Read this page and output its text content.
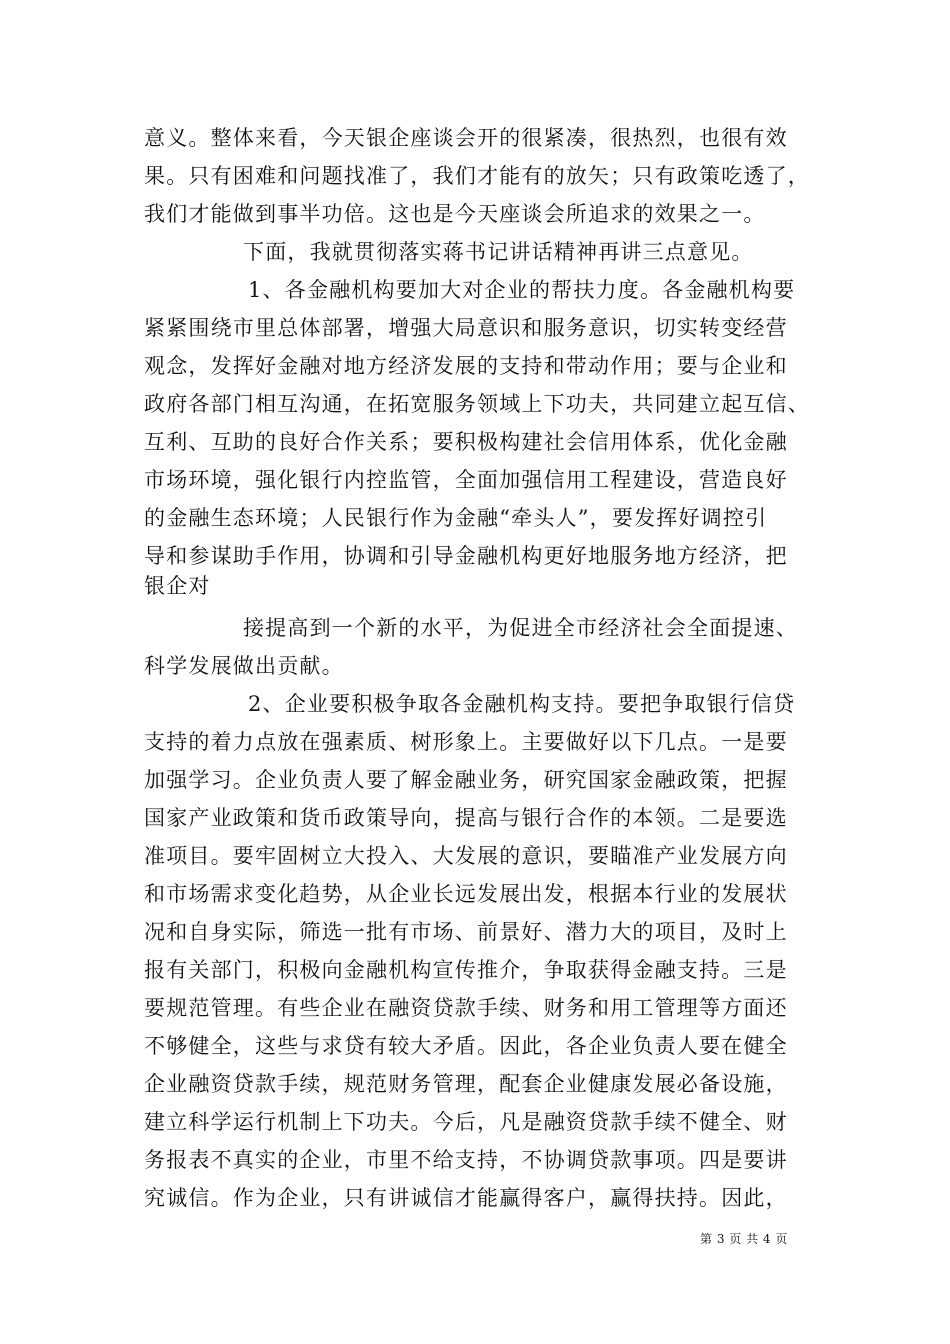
意义。整体来看，今天银企座谈会开的很紧凑，很热烈，也很有效
果。只有困难和问题找准了，我们才能有的放矢；只有政策吃透了，
我们才能做到事半功倍。这也是今天座谈会所追求的效果之一。
下面，我就贯彻落实蒋书记讲话精神再讲三点意见。
1、各金融机构要加大对企业的帮扶力度。各金融机构要
紧紧围绕市里总体部署，增强大局意识和服务意识，切实转变经营
观念，发挥好金融对地方经济发展的支持和带动作用；要与企业和
政府各部门相互沟通，在拓宽服务领域上下功夫，共同建立起互信、
互利、互助的良好合作关系；要积极构建社会信用体系，优化金融
市场环境，强化银行内控监管，全面加强信用工程建设，营造良好
的金融生态环境；人民银行作为金融“牵头人”，要发挥好调控引
导和参谋助手作用，协调和引导金融机构更好地服务地方经济，把
银企对
接提高到一个新的水平，为促进全市经济社会全面提速、
科学发展做出贡献。
2、企业要积极争取各金融机构支持。要把争取银行信贷
支持的着力点放在强素质、树形象上。主要做好以下几点。一是要
加强学习。企业负责人要了解金融业务，研究国家金融政策，把握
国家产业政策和货币政策导向，提高与银行合作的本领。二是要选
准项目。要牢固树立大投入、大发展的意识，要瞄准产业发展方向
和市场需求变化趋势，从企业长远发展出发，根据本行业的发展状
况和自身实际，筛选一批有市场、前景好、潜力大的项目，及时上
报有关部门，积极向金融机构宣传推介，争取获得金融支持。三是
要规范管理。有些企业在融资贷款手续、财务和用工管理等方面还
不够健全，这些与求贷有较大矛盾。因此，各企业负责人要在健全
企业融资贷款手续，规范财务管理，配套企业健康发展必备设施，
建立科学运行机制上下功夫。今后，凡是融资贷款手续不健全、财
务报表不真实的企业，市里不给支持，不协调贷款事项。四是要讲
究诚信。作为企业，只有讲诚信才能赢得客户，赢得扶持。因此，
第 3 页 共 4 页
